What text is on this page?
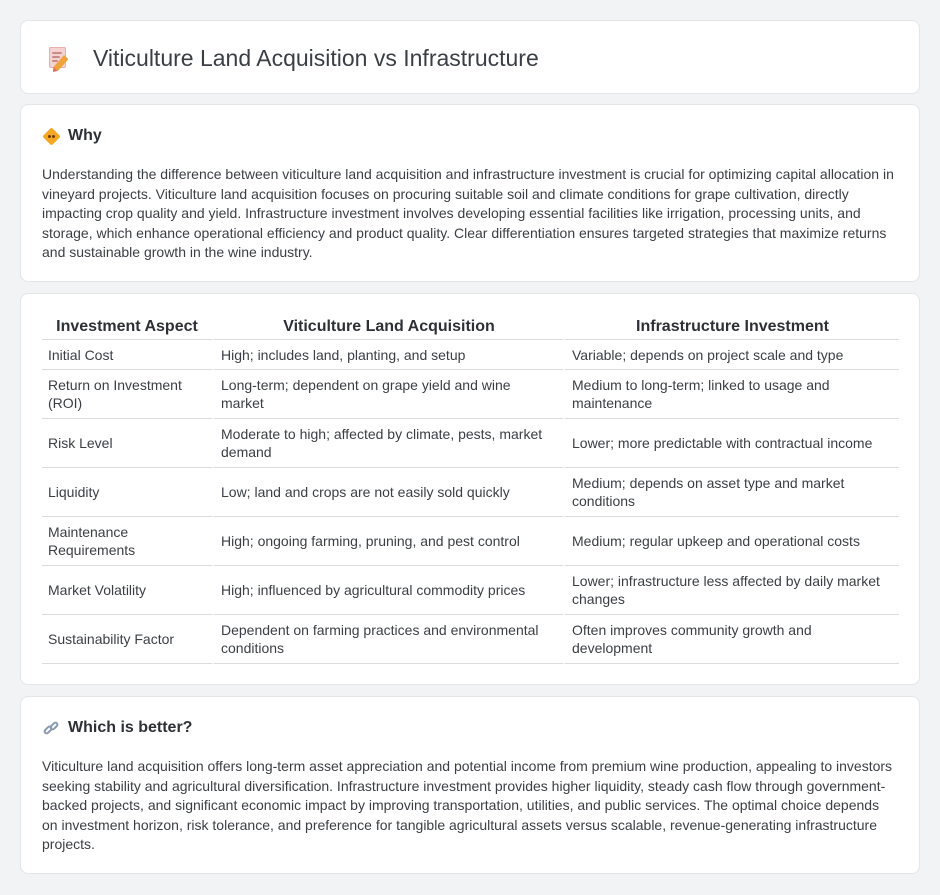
Viticulture Land Acquisition vs Infrastructure
Why

Understanding the difference between viticulture land acquisition and infrastructure investment is crucial for optimizing capital allocation in vineyard projects. Viticulture land acquisition focuses on procuring suitable soil and climate conditions for grape cultivation, directly impacting crop quality and yield. Infrastructure investment involves developing essential facilities like irrigation, processing units, and storage, which enhance operational efficiency and product quality. Clear differentiation ensures targeted strategies that maximize returns and sustainable growth in the wine industry.

Investment Aspect	Viticulture Land Acquisition	Infrastructure Investment
Initial Cost	High; includes land, planting, and setup	Variable; depends on project scale and type
Return on Investment (ROI)	Long-term; dependent on grape yield and wine market	Medium to long-term; linked to usage and maintenance
Risk Level	Moderate to high; affected by climate, pests, market demand	Lower; more predictable with contractual income
Liquidity	Low; land and crops are not easily sold quickly	Medium; depends on asset type and market conditions
Maintenance Requirements	High; ongoing farming, pruning, and pest control	Medium; regular upkeep and operational costs
Market Volatility	High; influenced by agricultural commodity prices	Lower; infrastructure less affected by daily market changes
Sustainability Factor	Dependent on farming practices and environmental conditions	Often improves community growth and development
Which is better?

Viticulture land acquisition offers long-term asset appreciation and potential income from premium wine production, appealing to investors seeking stability and agricultural diversification. Infrastructure investment provides higher liquidity, steady cash flow through government-backed projects, and significant economic impact by improving transportation, utilities, and public services. The optimal choice depends on investment horizon, risk tolerance, and preference for tangible agricultural assets versus scalable, revenue-generating infrastructure projects.
